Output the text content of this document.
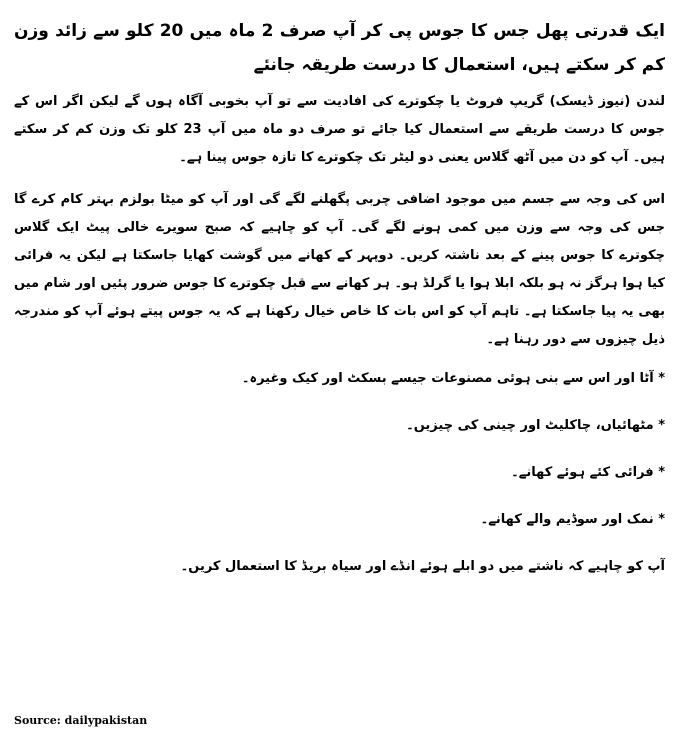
ایک قدرتی پھل جس کا جوس پی کر آپ صرف 2 ماہ میں 20 کلو سے زائد وزن کم کر سکتے ہیں، استعمال کا درست طریقہ جانئے

لندن (نیوز ڈیسک) گریپ فروٹ یا چکوترے کی افادیت سے تو آپ بخوبی آگاہ ہوں گے لیکن اگر اس کے جوس کا درست طریقے سے استعمال کیا جائے تو صرف دو ماہ میں آپ 23 کلو تک وزن کم کر سکتے ہیں۔ آپ کو دن میں آٹھ گلاس یعنی دو لیٹر تک چکوترے کا تازہ جوس پینا ہے۔

اس کی وجہ سے جسم میں موجود اضافی چربی پگھلنے لگے گی اور آپ کو میٹا بولزم بہتر کام کرے گا جس کی وجہ سے وزن میں کمی ہونے لگے گی۔ آپ کو چاہیے کہ صبح سویرے خالی پیٹ ایک گلاس چکوترے کا جوس پینے کے بعد ناشتہ کریں۔ دوپہر کے کھانے میں گوشت کھایا جاسکتا ہے لیکن یہ فرائی کیا ہوا ہرگز نہ ہو بلکہ ابلا ہوا یا گرلڈ ہو۔ ہر کھانے سے قبل چکوترے کا جوس ضرور پئیں اور شام میں بھی یہ پیا جاسکتا ہے۔ تاہم آپ کو اس بات کا خاص خیال رکھنا ہے کہ یہ جوس پیتے ہوئے آپ کو مندرجہ ذیل چیزوں سے دور رہنا ہے۔

* آٹا اور اس سے بنی ہوئی مصنوعات جیسے بسکٹ اور کیک وغیرہ۔

* مٹھائیاں، چاکلیٹ اور چینی کی چیزیں۔

* فرائی کئے ہوئے کھانے۔

* نمک اور سوڈیم والے کھانے۔

آپ کو چاہیے کہ ناشتے میں دو ابلے ہوئے انڈے اور سیاہ بریڈ کا استعمال کریں۔

Source: dailypakistan
